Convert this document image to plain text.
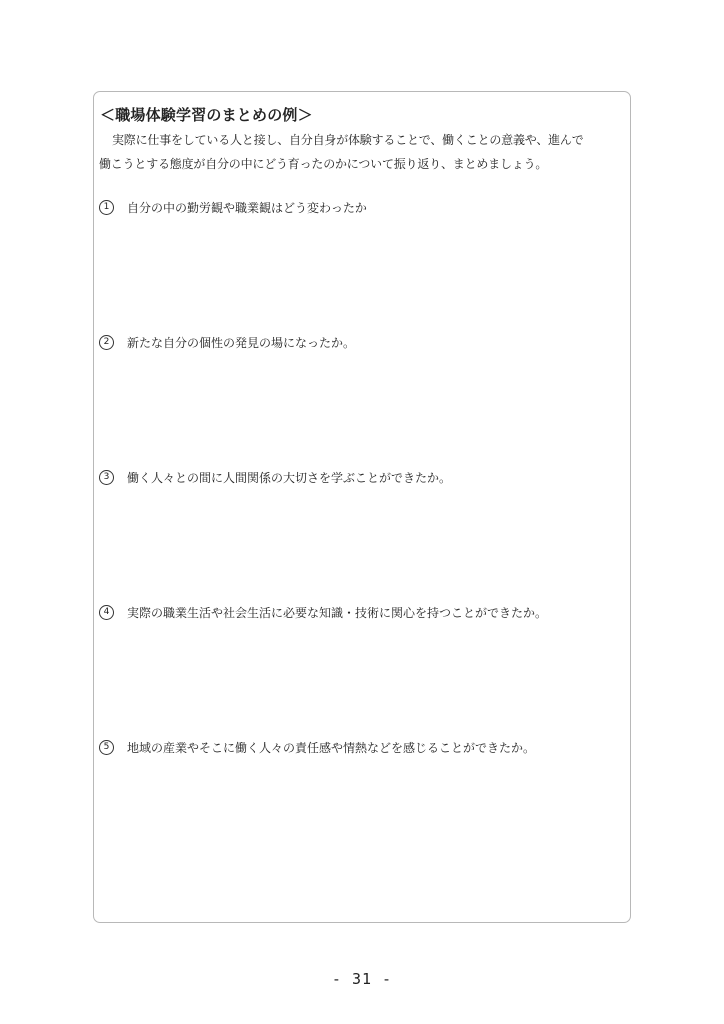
＜職場体験学習のまとめの例＞
実際に仕事をしている人と接し、自分自身が体験することで、働くことの意義や、進んで
働こうとする態度が自分の中にどう育ったのかについて振り返り、まとめましょう。
1	自分の中の勤労観や職業観はどう変わったか
2	新たな自分の個性の発見の場になったか。
3	働く人々との間に人間関係の大切さを学ぶことができたか。
4	実際の職業生活や社会生活に必要な知識・技術に関心を持つことができたか。
5	地域の産業やそこに働く人々の責任感や情熱などを感じることができたか。
- 31 -
